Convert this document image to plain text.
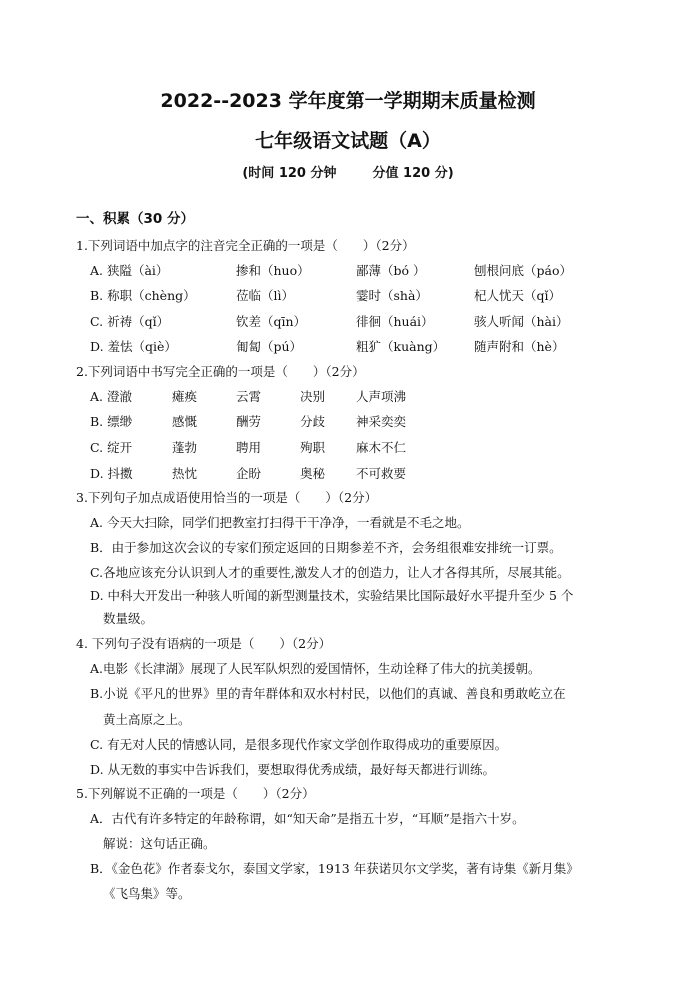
2022--2023 学年度第一学期期末质量检测
七年级语文试题（A）
(时间 120 分钟	分值 120 分)
一、积累（30 分）
1.下列词语中加点字的注音完全正确的一项是（　　）（2分）
A. 狭隘（ài）	掺和（huo）	鄙薄（bó ）	刨根问底（páo）
B. 称职（chèng）	莅临（lì）	霎时（shà）	杞人忧天（qǐ）
C. 祈祷（qǐ）	钦差（qīn）	徘徊（huái）	骇人听闻（hài）
D. 羞怯（qiè）	匍匐（pú）	粗犷（kuàng） 随声附和（hè）
2.下列词语中书写完全正确的一项是（　　）（2分）
A. 澄澈	瘫痪	云霄	决别 人声项沸
B. 缥缈	感慨	酬劳	分歧 神采奕奕
C. 绽开	蓬勃	聘用	殉职 麻木不仁
D. 抖擞	热忱	企盼	奥秘 不可救要
3.下列句子加点成语使用恰当的一项是（　　）（2分）
A. 今天大扫除，同学们把教室打扫得干干净净，一看就是不毛之地。
B．由于参加这次会议的专家们预定返回的日期参差不齐，会务组很难安排统一订票。
C.各地应该充分认识到人才的重要性,激发人才的创造力，让人才各得其所，尽展其能。
D. 中科大开发出一种骇人听闻的新型测量技术，实验结果比国际最好水平提升至少 5 个
数量级。
4. 下列句子没有语病的一项是（　　）（2分）
A.电影《长津湖》展现了人民军队炽烈的爱国情怀，生动诠释了伟大的抗美援朝。
B.小说《平凡的世界》里的青年群体和双水村村民，以他们的真诚、善良和勇敢屹立在
黄土高原之上。
C. 有无对人民的情感认同，是很多现代作家文学创作取得成功的重要原因。
D. 从无数的事实中告诉我们，要想取得优秀成绩，最好每天都进行训练。
5.下列解说不正确的一项是（　　）（2分）
A．古代有许多特定的年龄称谓，如“知天命”是指五十岁，“耳顺”是指六十岁。
解说：这句话正确。
B．《金色花》作者泰戈尔，泰国文学家，1913 年获诺贝尔文学奖，著有诗集《新月集》
《飞鸟集》等。
